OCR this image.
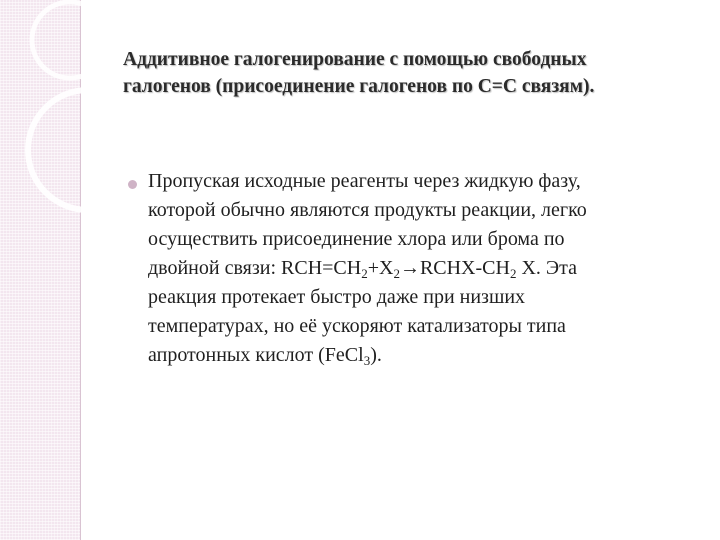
Аддитивное галогенирование с помощью свободных
галогенов (присоединение галогенов по С=С связям).
Пропуская исходные реагенты через жидкую фазу,
которой обычно являются продукты реакции, легко
осуществить присоединение хлора или брома по
двойной связи: $RCH=CH_2+X_2\to RCHX-CH_2$ X. Эта
реакция протекает быстро даже при низших
температурах, но её ускоряют катализаторы типа
апротонных кислот (FeCl$_3$).
